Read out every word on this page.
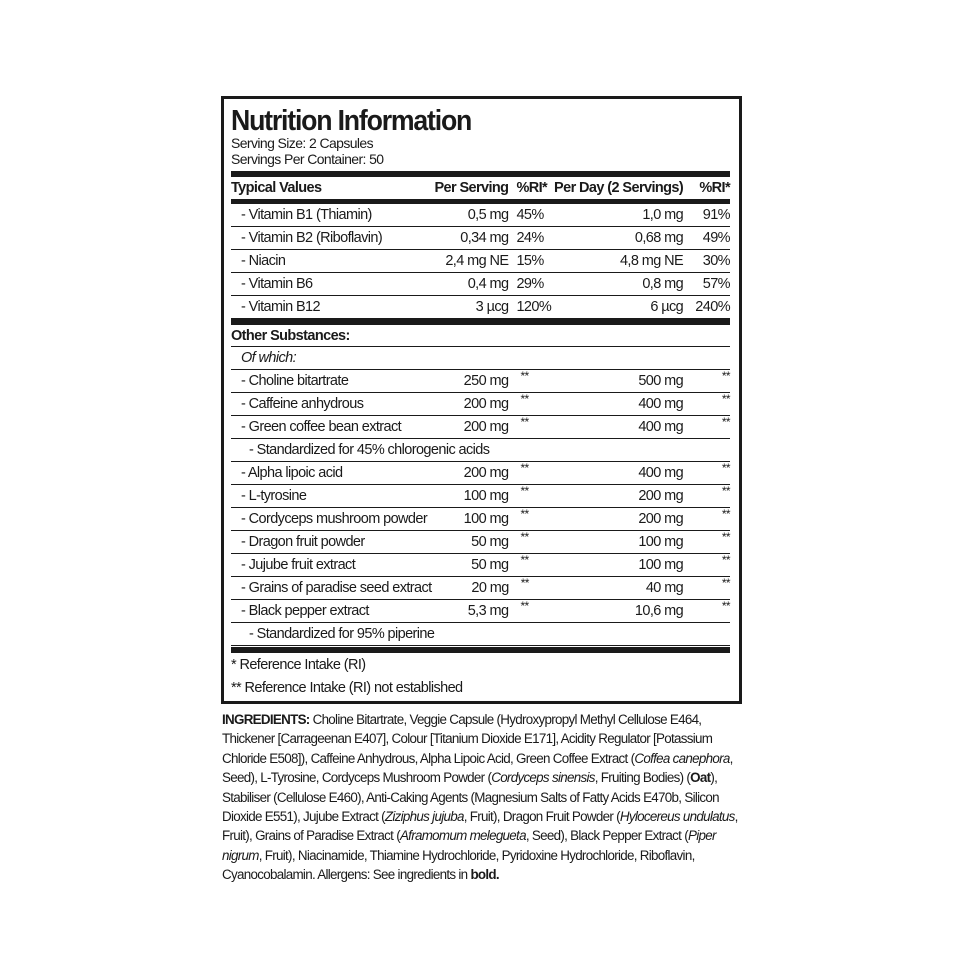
Nutrition Information
Serving Size: 2 Capsules
Servings Per Container: 50
Typical Values	Per Serving %RI* Per Day (2 Servings)	%RI*
- Vitamin B1 (Thiamin)	0,5 mg 45%	1,0 mg	91%
- Vitamin B2 (Riboflavin)	0,34 mg 24%	0,68 mg	49%
- Niacin	2,4 mg NE 15%	4,8 mg NE	30%
- Vitamin B6	0,4 mg 29%	0,8 mg	57%
- Vitamin B12	3 µcg 120%	6 µcg 240%
Other Substances:
Of which:
- Choline bitartrate	250 mg	**	500 mg	**
- Caffeine anhydrous	200 mg	**	400 mg	**
- Green coffee bean extract	200 mg	**	400 mg	**
- Standardized for 45% chlorogenic acids
- Alpha lipoic acid	200 mg	**	400 mg	**
- L-tyrosine	100 mg	**	200 mg	**
- Cordyceps mushroom powder	100 mg	**	200 mg	**
- Dragon fruit powder	50 mg	**	100 mg	**
- Jujube fruit extract	50 mg	**	100 mg	**
- Grains of paradise seed extract	20 mg	**	40 mg	**
- Black pepper extract	5,3 mg	**	10,6 mg	**
- Standardized for 95% piperine
* Reference Intake (RI)
** Reference Intake (RI) not established
INGREDIENTS: Choline Bitartrate, Veggie Capsule (Hydroxypropyl Methyl Cellulose E464, Thickener [Carrageenan E407], Colour [Titanium Dioxide E171], Acidity Regulator [Potassium Chloride E508]), Caffeine Anhydrous, Alpha Lipoic Acid, Green Coffee Extract (Coffea canephora, Seed), L-Tyrosine, Cordyceps Mushroom Powder (Cordyceps sinensis, Fruiting Bodies) (Oat), Stabiliser (Cellulose E460), Anti-Caking Agents (Magnesium Salts of Fatty Acids E470b, Silicon Dioxide E551), Jujube Extract (Ziziphus jujuba, Fruit), Dragon Fruit Powder (Hylocereus undulatus, Fruit), Grains of Paradise Extract (Aframomum melegueta, Seed), Black Pepper Extract (Piper nigrum, Fruit), Niacinamide, Thiamine Hydrochloride, Pyridoxine Hydrochloride, Riboflavin, Cyanocobalamin. Allergens: See ingredients in bold.
